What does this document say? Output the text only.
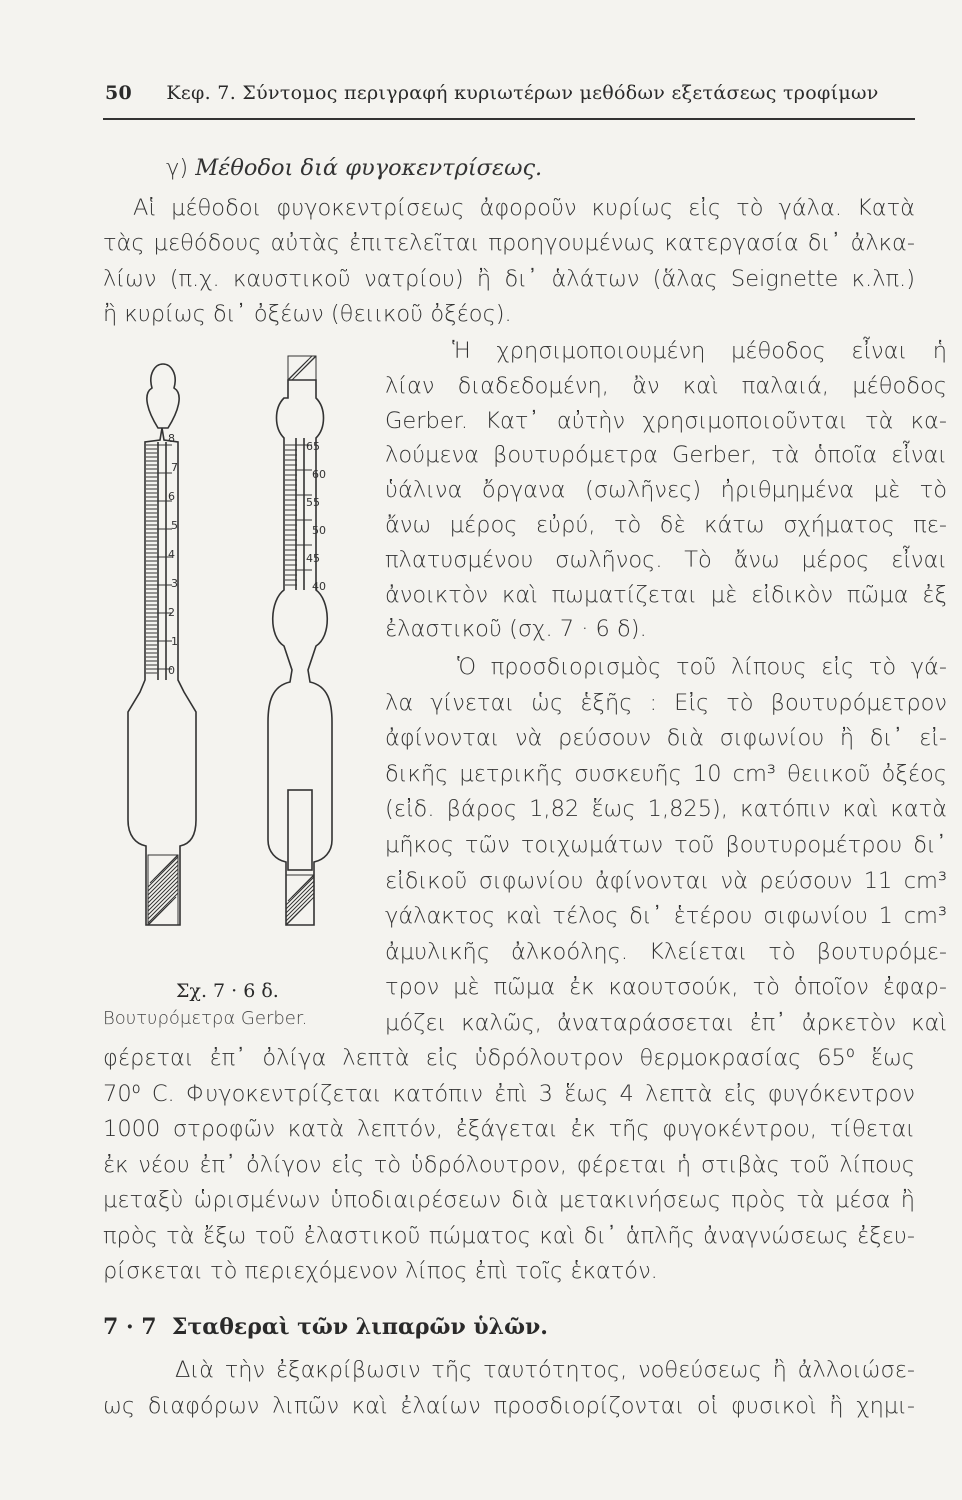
50 Κεφ. 7. Σύντομος περιγραφή κυριωτέρων μεθόδων εξετάσεως τροφίμων
γ) Μέθοδοι διά φυγοκεντρίσεως.
Αἱ μέθοδοι φυγοκεντρίσεως ἀφοροῦν κυρίως εἰς τὸ γάλα. Κατὰ
τὰς μεθόδους αὐτὰς ἐπιτελεῖται προηγουμένως κατεργασία δι᾽ ἀλκα-
λίων (π.χ. καυστικοῦ νατρίου) ἢ δι᾽ ἁλάτων (ἅλας Seignette κ.λπ.)
ἢ κυρίως δι᾽ ὀξέων (θειικοῦ ὀξέος).
Ἡ χρησιμοποιουμένη μέθοδος εἶναι ἡ
λίαν διαδεδομένη, ἂν καὶ παλαιά, μέθοδος
Gerber. Κατ᾽ αὐτὴν χρησιμοποιοῦνται τὰ κα-
λούμενα βουτυρόμετρα Gerber, τὰ ὁποῖα εἶναι
ὑάλινα ὄργανα (σωλῆνες) ἠριθμημένα μὲ τὸ
ἄνω μέρος εὐρύ, τὸ δὲ κάτω σχήματος πε-
πλατυσμένου σωλῆνος. Τὸ ἄνω μέρος εἶναι
ἀνοικτὸν καὶ πωματίζεται μὲ εἰδικὸν πῶμα ἐξ
ἐλαστικοῦ (σχ. 7 · 6 δ).
Ὁ προσδιορισμὸς τοῦ λίπους εἰς τὸ γά-
λα γίνεται ὡς ἑξῆς : Εἰς τὸ βουτυρόμετρον
ἀφίνονται νὰ ρεύσουν διὰ σιφωνίου ἢ δι᾽ εἰ-
δικῆς μετρικῆς συσκευῆς 10 cm³ θειικοῦ ὀξέος
(εἰδ. βάρος 1,82 ἕως 1,825), κατόπιν καὶ κατὰ
μῆκος τῶν τοιχωμάτων τοῦ βουτυρομέτρου δι᾽
εἰδικοῦ σιφωνίου ἀφίνονται νὰ ρεύσουν 11 cm³
γάλακτος καὶ τέλος δι᾽ ἑτέρου σιφωνίου 1 cm³
ἀμυλικῆς ἀλκοόλης. Κλείεται τὸ βουτυρόμε-
τρον μὲ πῶμα ἐκ καουτσούκ, τὸ ὁποῖον ἐφαρ-
μόζει καλῶς, ἀναταράσσεται ἐπ᾽ ἀρκετὸν καὶ
φέρεται ἐπ᾽ ὀλίγα λεπτὰ εἰς ὑδρόλουτρον θερμοκρασίας 65⁰ ἕως
70⁰ C. Φυγοκεντρίζεται κατόπιν ἐπὶ 3 ἕως 4 λεπτὰ εἰς φυγόκεντρον
1000 στροφῶν κατὰ λεπτόν, ἐξάγεται ἐκ τῆς φυγοκέντρου, τίθεται
ἐκ νέου ἐπ᾽ ὀλίγον εἰς τὸ ὑδρόλουτρον, φέρεται ἡ στιβὰς τοῦ λίπους
μεταξὺ ὡρισμένων ὑποδιαιρέσεων διὰ μετακινήσεως πρὸς τὰ μέσα ἢ
πρὸς τὰ ἔξω τοῦ ἐλαστικοῦ πώματος καὶ δι᾽ ἁπλῆς ἀναγνώσεως ἐξευ-
ρίσκεται τὸ περιεχόμενον λίπος ἐπὶ τοῖς ἑκατόν.
7 · 7 Σταθεραὶ τῶν λιπαρῶν ὑλῶν.
Διὰ τὴν ἐξακρίβωσιν τῆς ταυτότητος, νοθεύσεως ἢ ἀλλοιώσε-
ως διαφόρων λιπῶν καὶ ἐλαίων προσδιορίζονται οἱ φυσικοὶ ἢ χημι-
8
7
6
5
4
3
2
1
0
65
60
55
50
45
40
Σχ. 7 · 6 δ.
Βουτυρόμετρα Gerber.
